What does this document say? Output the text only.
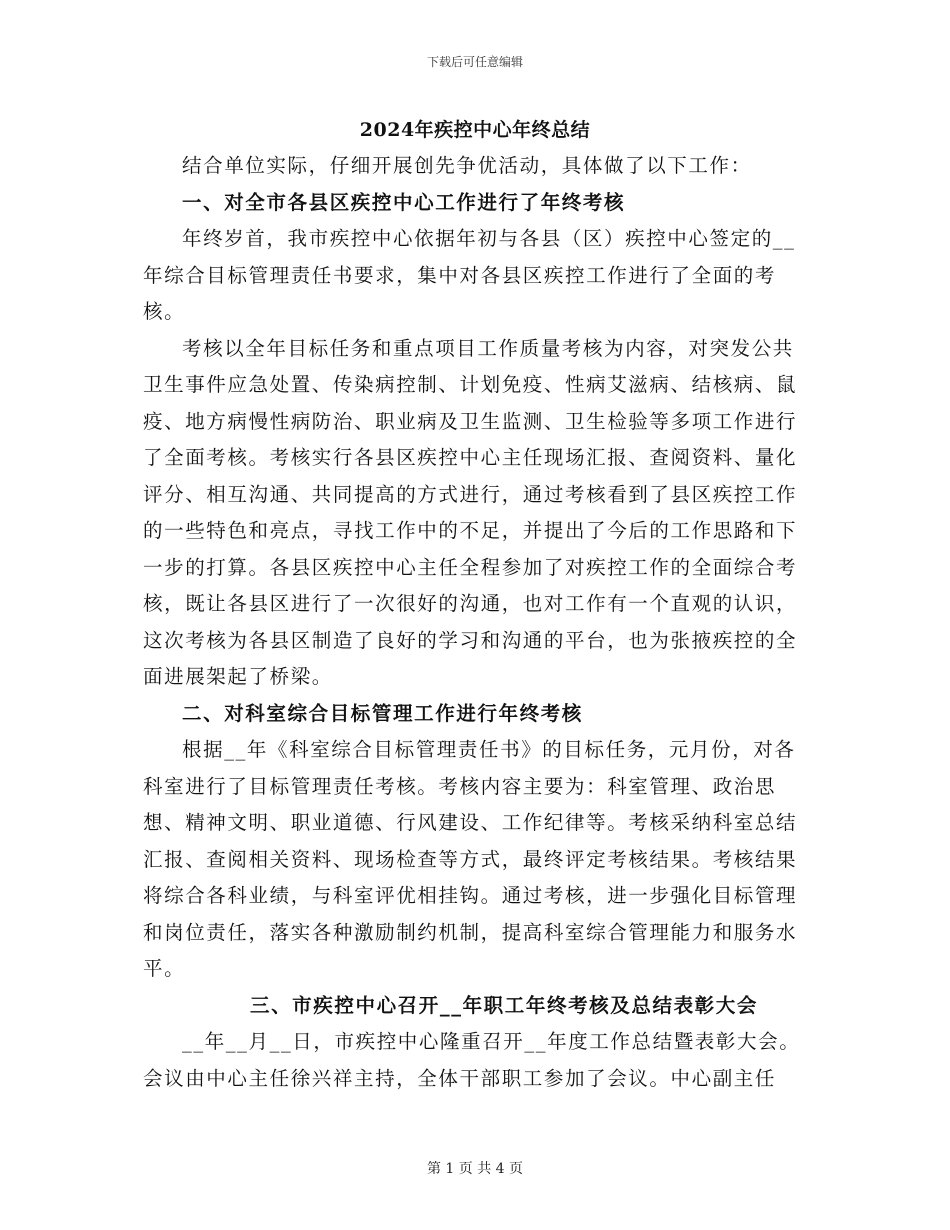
下载后可任意编辑
2024年疾控中心年终总结

结合单位实际，仔细开展创先争优活动，具体做了以下工作：

一、对全市各县区疾控中心工作进行了年终考核

年终岁首，我市疾控中心依据年初与各县（区）疾控中心签定的__年综合目标管理责任书要求，集中对各县区疾控工作进行了全面的考核。

考核以全年目标任务和重点项目工作质量考核为内容，对突发公共卫生事件应急处置、传染病控制、计划免疫、性病艾滋病、结核病、鼠疫、地方病慢性病防治、职业病及卫生监测、卫生检验等多项工作进行了全面考核。考核实行各县区疾控中心主任现场汇报、查阅资料、量化评分、相互沟通、共同提高的方式进行，通过考核看到了县区疾控工作的一些特色和亮点，寻找工作中的不足，并提出了今后的工作思路和下一步的打算。各县区疾控中心主任全程参加了对疾控工作的全面综合考核，既让各县区进行了一次很好的沟通，也对工作有一个直观的认识，这次考核为各县区制造了良好的学习和沟通的平台，也为张掖疾控的全面进展架起了桥梁。

二、对科室综合目标管理工作进行年终考核

根据__年《科室综合目标管理责任书》的目标任务，元月份，对各科室进行了目标管理责任考核。考核内容主要为：科室管理、政治思想、精神文明、职业道德、行风建设、工作纪律等。考核采纳科室总结汇报、查阅相关资料、现场检查等方式，最终评定考核结果。考核结果将综合各科业绩，与科室评优相挂钩。通过考核，进一步强化目标管理和岗位责任，落实各种激励制约机制，提高科室综合管理能力和服务水平。

三、市疾控中心召开__年职工年终考核及总结表彰大会

__年__月__日，市疾控中心隆重召开__年度工作总结暨表彰大会。会议由中心主任徐兴祥主持，全体干部职工参加了会议。中心副主任

第 1 页 共 4 页
